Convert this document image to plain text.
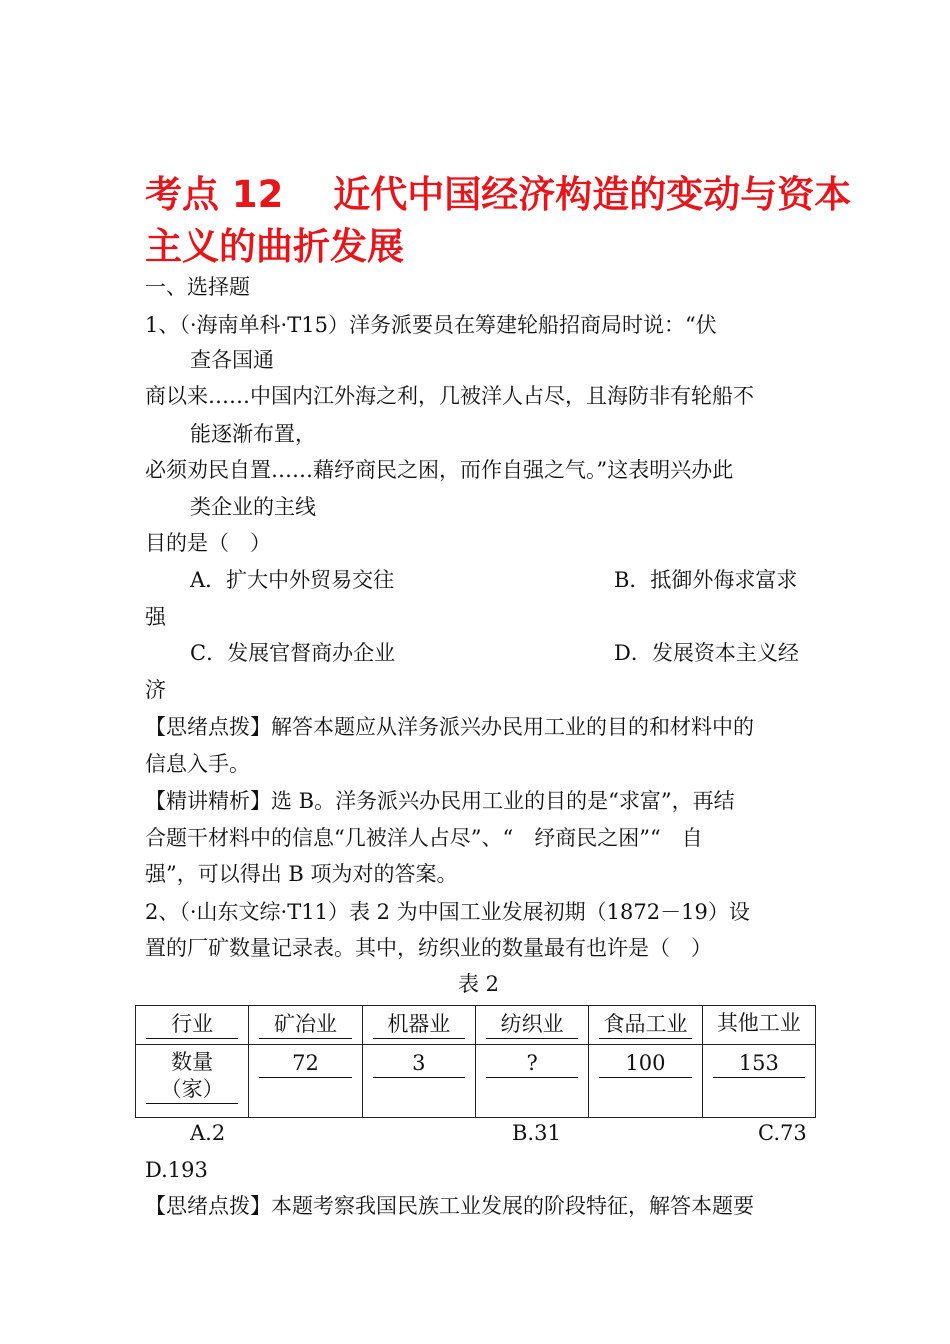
考点 12　 近代中国经济构造的变动与资本
主义的曲折发展
一、选择题
1、（·海南单科·T15）洋务派要员在筹建轮船招商局时说：“伏
查各国通
商以来……中国内江外海之利，几被洋人占尽，且海防非有轮船不
能逐渐布置，
必须劝民自置……藉纾商民之困，而作自强之气。”这表明兴办此
类企业的主线
目的是（　）
A．扩大中外贸易交往	B．抵御外侮求富求
强
C．发展官督商办企业	D．发展资本主义经
济
【思绪点拨】解答本题应从洋务派兴办民用工业的目的和材料中的
信息入手。
【精讲精析】选 B。洋务派兴办民用工业的目的是“求富”，再结
合题干材料中的信息“几被洋人占尽”、“　纾商民之困”“　自
强”，可以得出 B 项为对的答案。
2、（·山东文综·T11）表 2 为中国工业发展初期（1872－19）设
置的厂矿数量记录表。其中，纺织业的数量最有也许是（　）
表 2
行业	矿冶业	机器业	纺织业	食品工业	其他工业

数量
（家）	72	3	?	100	153
A.2	B.31	C.73
D.193
【思绪点拨】本题考察我国民族工业发展的阶段特征，解答本题要
